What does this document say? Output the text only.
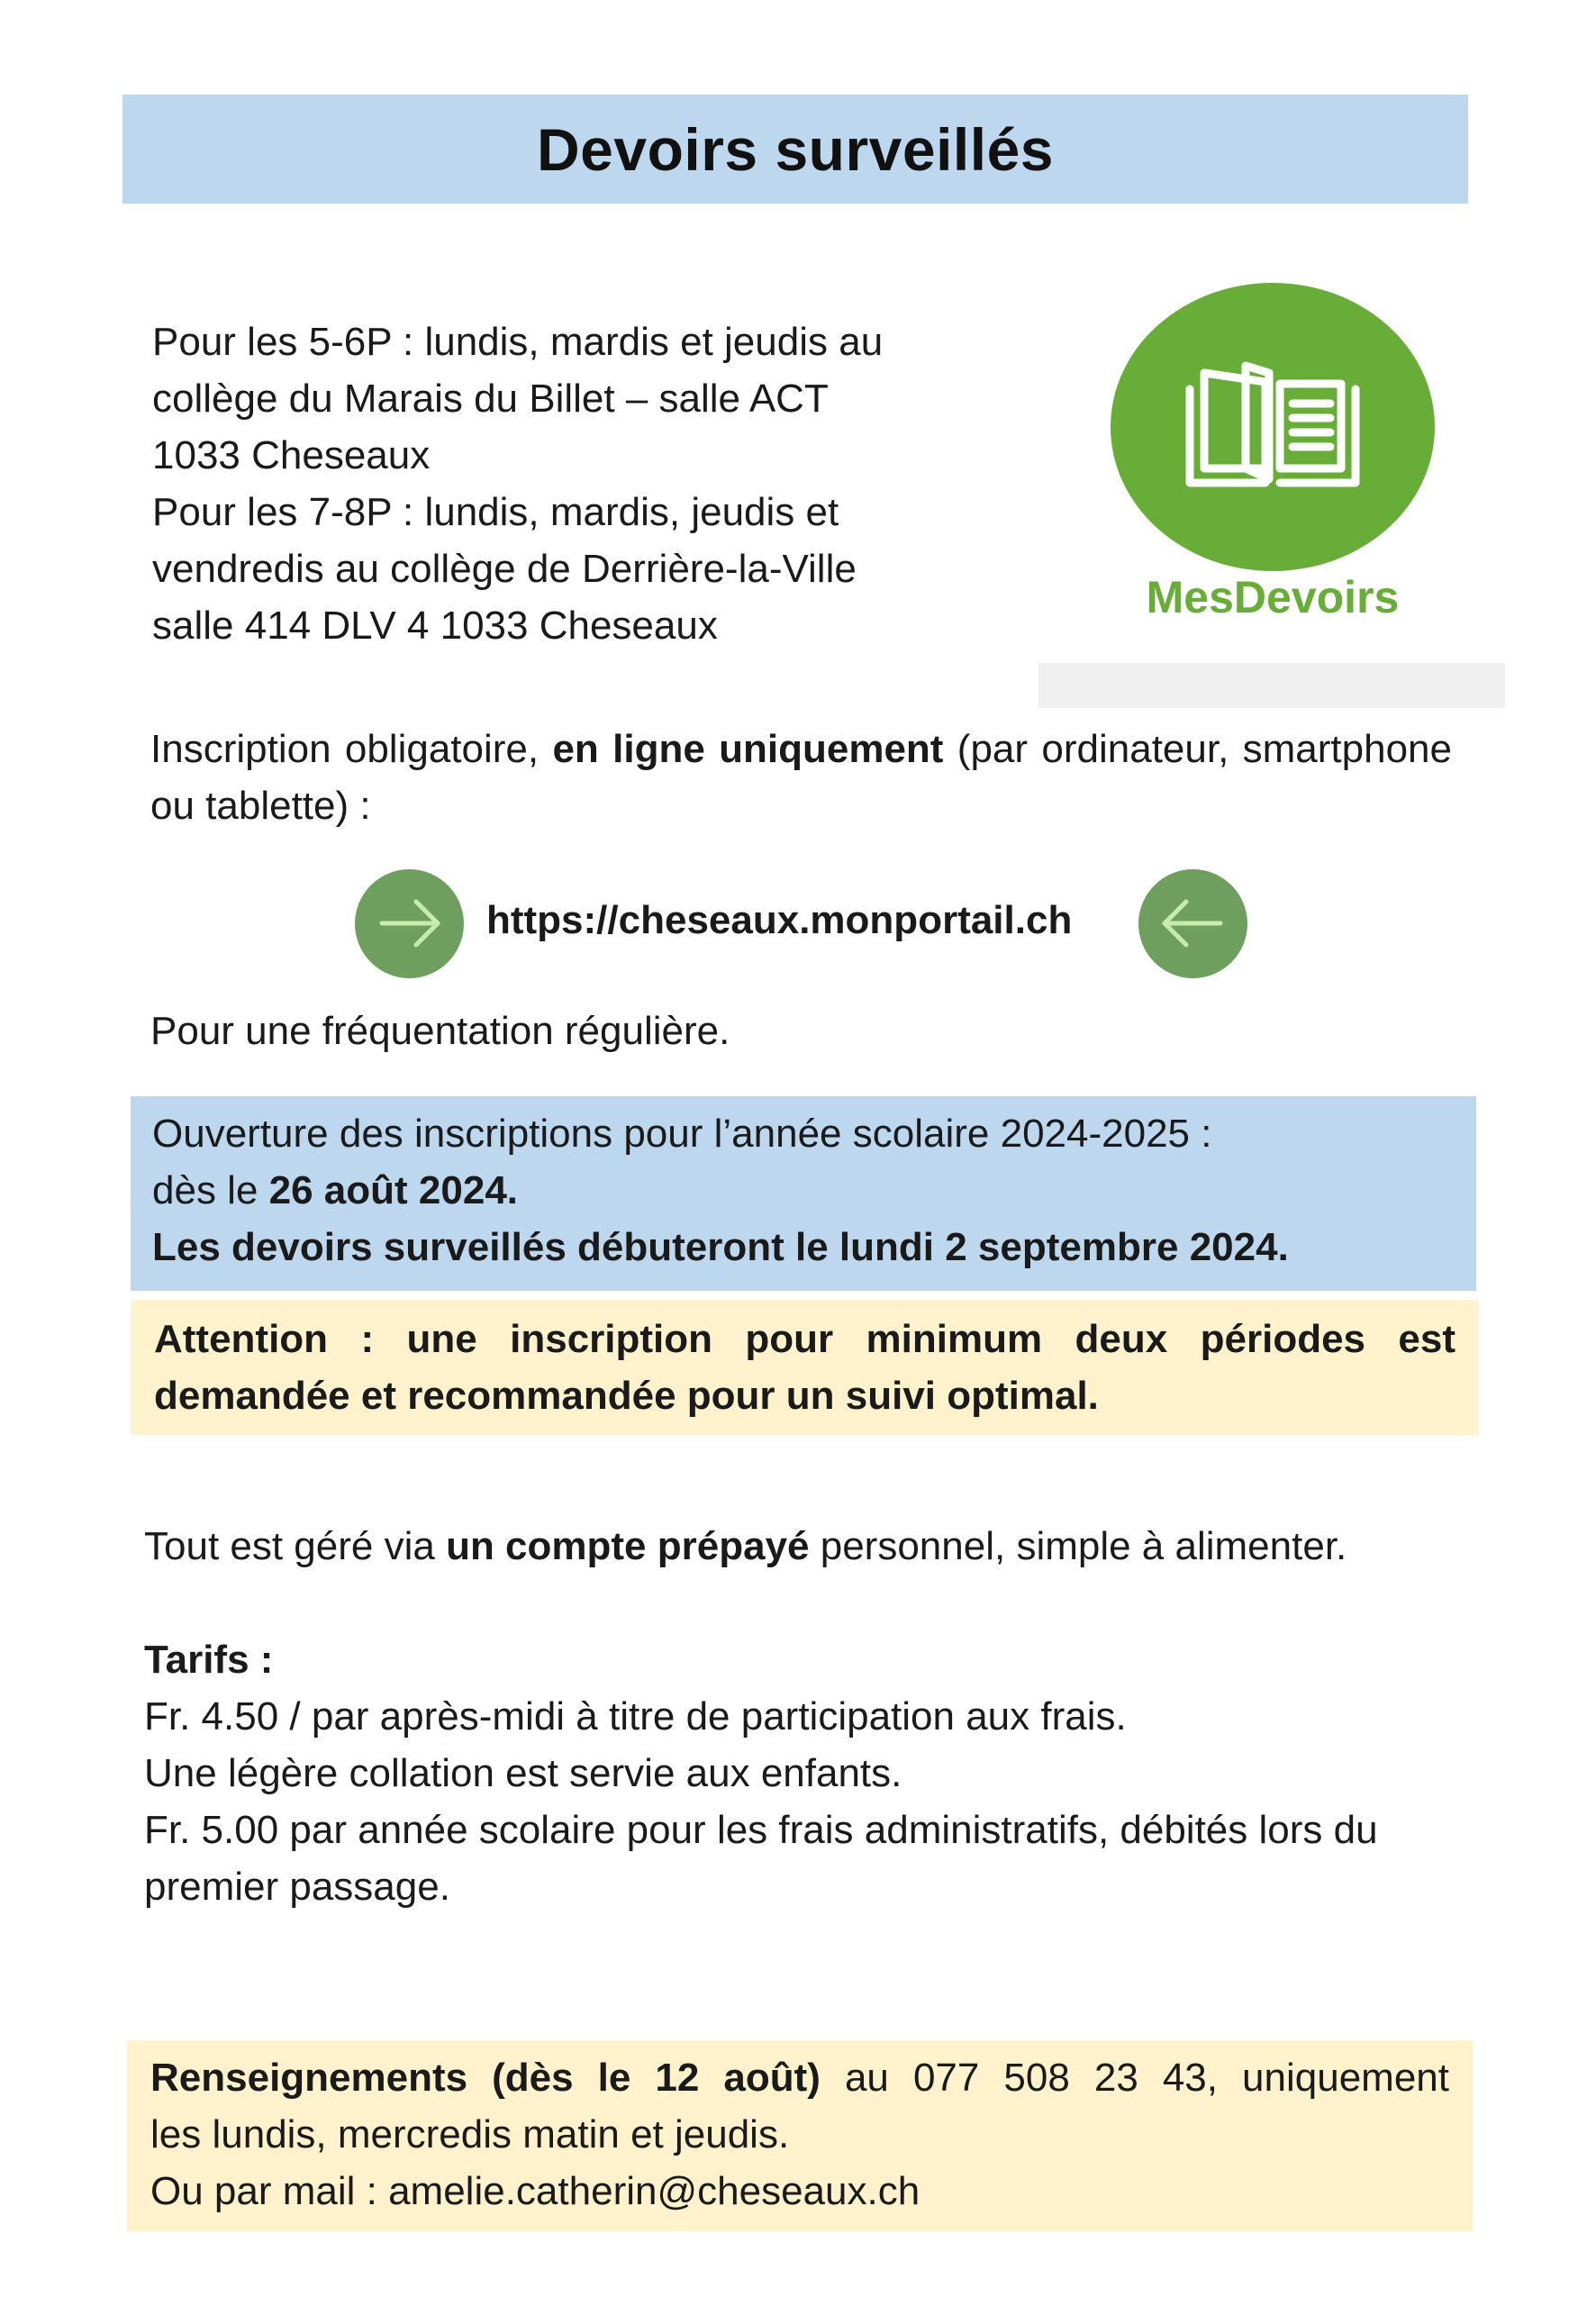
Devoirs surveillés
Pour les 5-6P : lundis, mardis et jeudis au
collège du Marais du Billet – salle ACT
1033 Cheseaux
Pour les 7-8P : lundis, mardis, jeudis et
vendredis au collège de Derrière-la-Ville
salle 414 DLV 4 1033 Cheseaux
MesDevoirs
Inscription obligatoire, en ligne uniquement (par ordinateur, smartphone ou tablette) :
https://cheseaux.monportail.ch
Pour une fréquentation régulière.
Ouverture des inscriptions pour l’année scolaire 2024-2025 :
dès le 26 août 2024.
Les devoirs surveillés débuteront le lundi 2 septembre 2024.

Attention : une inscription pour minimum deux périodes est demandée et recommandée pour un suivi optimal.

Tout est géré via un compte prépayé personnel, simple à alimenter.
Tarifs :
Fr. 4.50 / par après-midi à titre de participation aux frais.
Une légère collation est servie aux enfants.
Fr. 5.00 par année scolaire pour les frais administratifs, débités lors du premier passage.
Renseignements (dès le 12 août) au 077 508 23 43, uniquement
les lundis, mercredis matin et jeudis.
Ou par mail : amelie.catherin@cheseaux.ch
